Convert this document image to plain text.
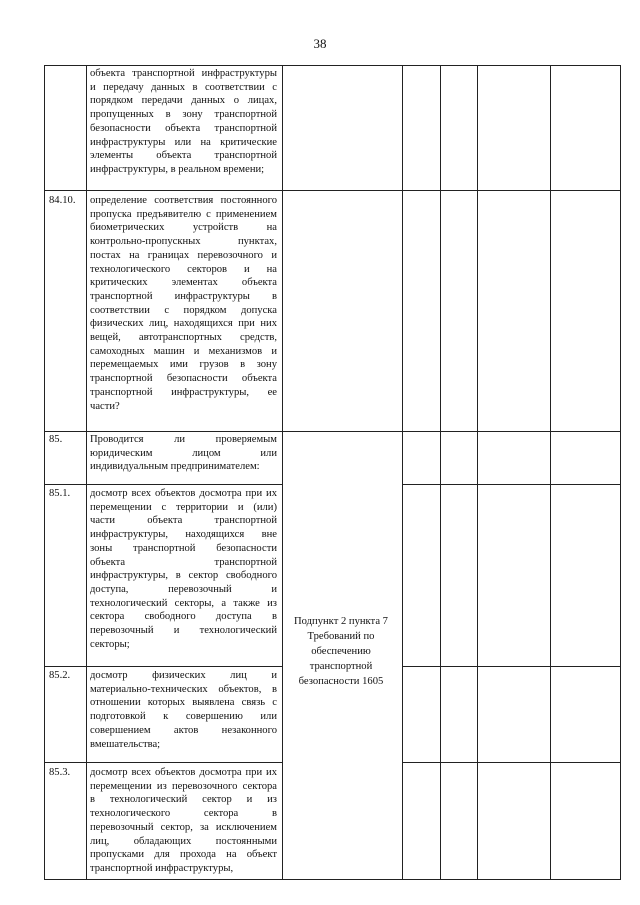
38
объекта транспортной инфраструктуры
и передачу данных в соответствии с
порядком передачи данных о лицах,
пропущенных в зону транспортной
безопасности объекта транспортной
инфраструктуры или на критические
элементы объекта транспортной
инфраструктуры, в реальном времени;
84.10. определение соответствия постоянного
пропуска предъявителю с применением
биометрических устройств на
контрольно-пропускных пунктах,
постах на границах перевозочного и
технологического секторов и на
критических элементах объекта
транспортной инфраструктуры в
соответствии с порядком допуска
физических лиц, находящихся при них
вещей, автотранспортных средств,
самоходных машин и механизмов и
перемещаемых ими грузов в зону
транспортной безопасности объекта
транспортной инфраструктуры, ее
части?
85.	Проводится ли проверяемым
юридическим лицом или
индивидуальным предпринимателем:
85.1. досмотр всех объектов досмотра при их
перемещении с территории и (или)
части объекта транспортной
инфраструктуры, находящихся вне
зоны транспортной безопасности
объекта транспортной
инфраструктуры, в сектор свободного
доступа, перевозочный и
технологический секторы, а также из
сектора свободного доступа в
перевозочный и технологический
секторы;
85.2. досмотр физических лиц и
материально-технических объектов, в
отношении которых выявлена связь с
подготовкой к совершению или
совершением актов незаконного
вмешательства;
85.3. досмотр всех объектов досмотра при их
перемещении из перевозочного сектора
в технологический сектор и из
технологического сектора в
перевозочный сектор, за исключением
лиц, обладающих постоянными
пропусками для прохода на объект
транспортной инфраструктуры,
Подпункт 2 пункта 7
Требований по
обеспечению
транспортной
безопасности 1605
